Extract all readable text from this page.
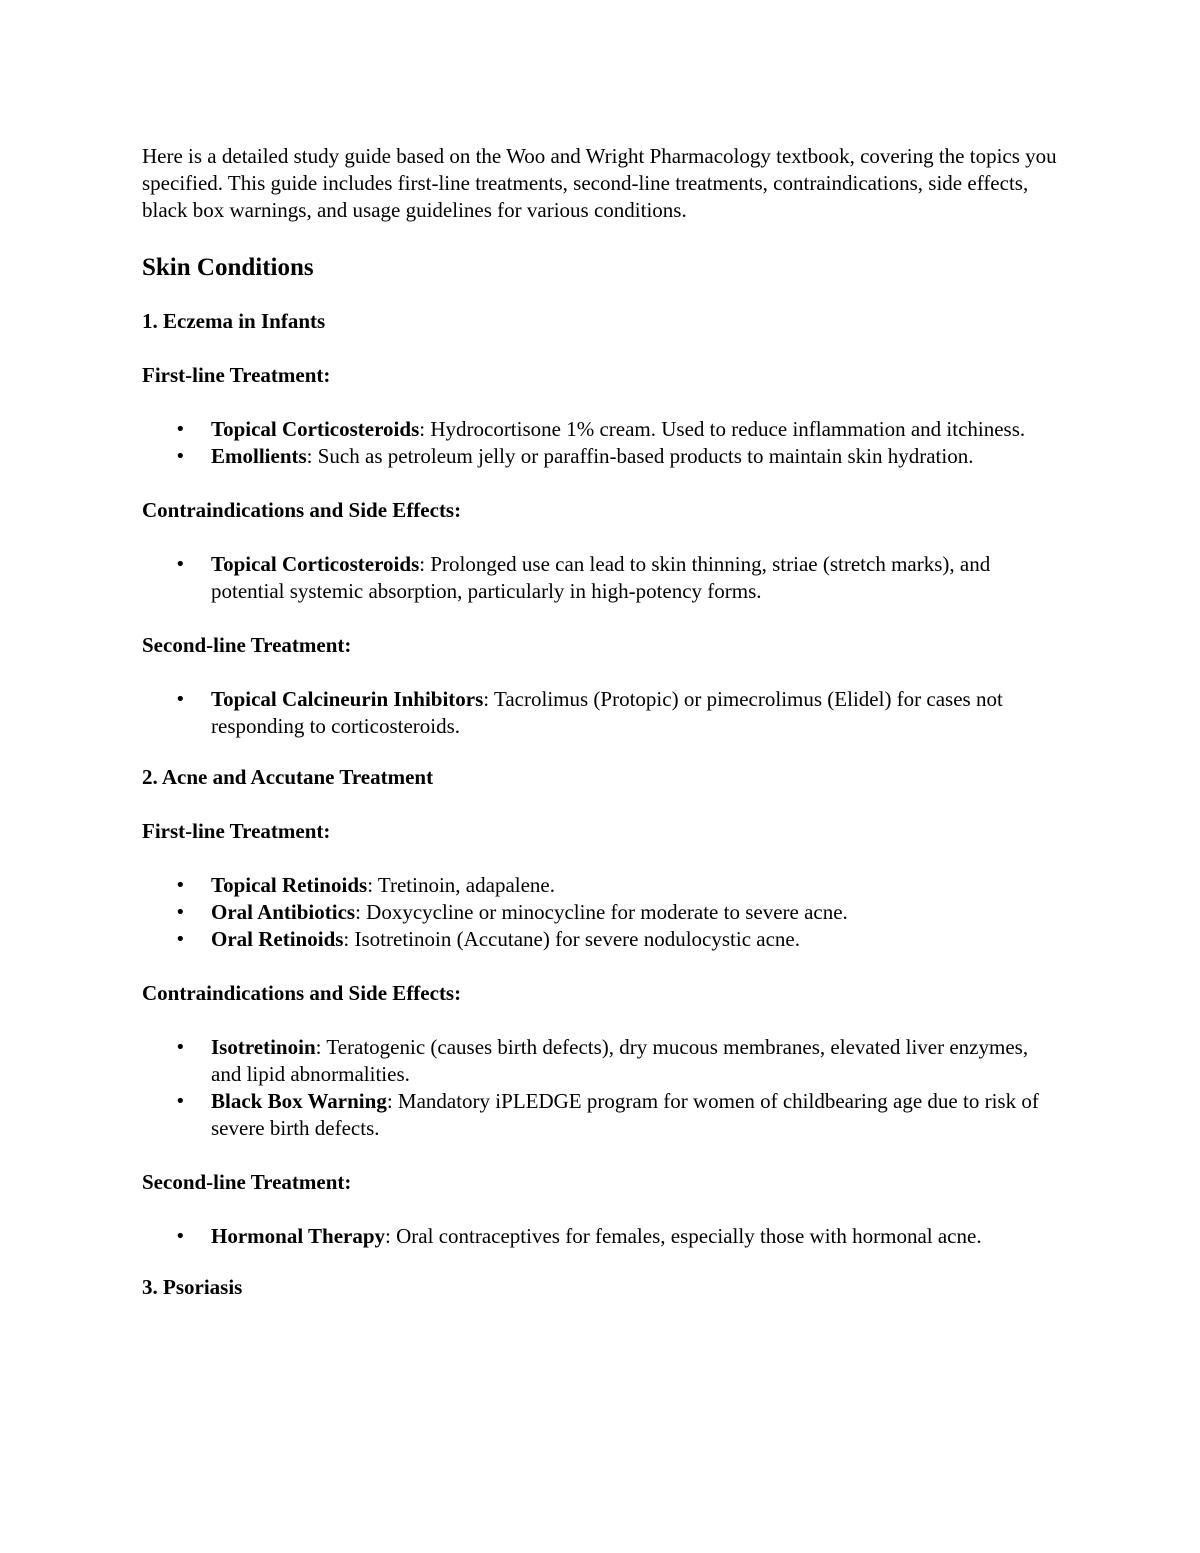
Here is a detailed study guide based on the Woo and Wright Pharmacology textbook, covering the topics you specified. This guide includes first-line treatments, second-line treatments, contraindications, side effects, black box warnings, and usage guidelines for various conditions.

Skin Conditions
1. Eczema in Infants

First-line Treatment:

• Topical Corticosteroids: Hydrocortisone 1% cream. Used to reduce inflammation and itchiness.
• Emollients: Such as petroleum jelly or paraffin-based products to maintain skin hydration.

Contraindications and Side Effects:

• Topical Corticosteroids: Prolonged use can lead to skin thinning, striae (stretch marks), and potential systemic absorption, particularly in high-potency forms.

Second-line Treatment:

• Topical Calcineurin Inhibitors: Tacrolimus (Protopic) or pimecrolimus (Elidel) for cases not responding to corticosteroids.
2. Acne and Accutane Treatment

First-line Treatment:

• Topical Retinoids: Tretinoin, adapalene.
• Oral Antibiotics: Doxycycline or minocycline for moderate to severe acne.
• Oral Retinoids: Isotretinoin (Accutane) for severe nodulocystic acne.

Contraindications and Side Effects:

• Isotretinoin: Teratogenic (causes birth defects), dry mucous membranes, elevated liver enzymes, and lipid abnormalities.
• Black Box Warning: Mandatory iPLEDGE program for women of childbearing age due to risk of severe birth defects.

Second-line Treatment:

• Hormonal Therapy: Oral contraceptives for females, especially those with hormonal acne.
3. Psoriasis
